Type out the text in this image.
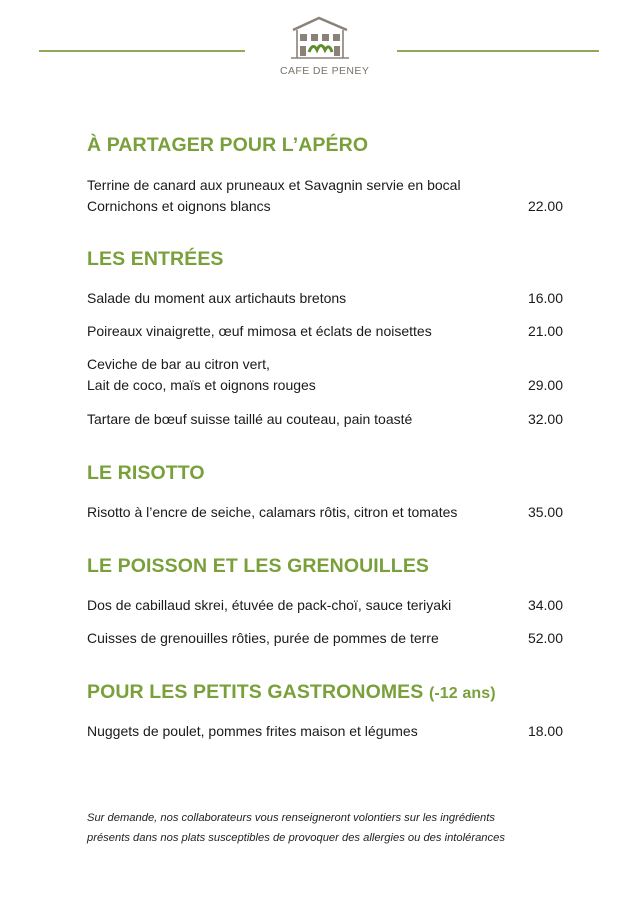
CAFE DE PENEY
À PARTAGER POUR L’APÉRO
Terrine de canard aux pruneaux et Savagnin servie en bocal
Cornichons et oignons blancs	22.00
LES ENTRÉES
Salade du moment aux artichauts bretons	16.00
Poireaux vinaigrette, œuf mimosa et éclats de noisettes	21.00
Ceviche de bar au citron vert,
Lait de coco, maïs et oignons rouges	29.00
Tartare de bœuf suisse taillé au couteau, pain toasté	32.00
LE RISOTTO
Risotto à l’encre de seiche, calamars rôtis, citron et tomates	35.00
LE POISSON ET LES GRENOUILLES
Dos de cabillaud skrei, étuvée de pack-choï, sauce teriyaki	34.00
Cuisses de grenouilles rôties, purée de pommes de terre	52.00
POUR LES PETITS GASTRONOMES (-12 ans)
Nuggets de poulet, pommes frites maison et légumes	18.00
Sur demande, nos collaborateurs vous renseigneront volontiers sur les ingrédients
présents dans nos plats susceptibles de provoquer des allergies ou des intolérances
